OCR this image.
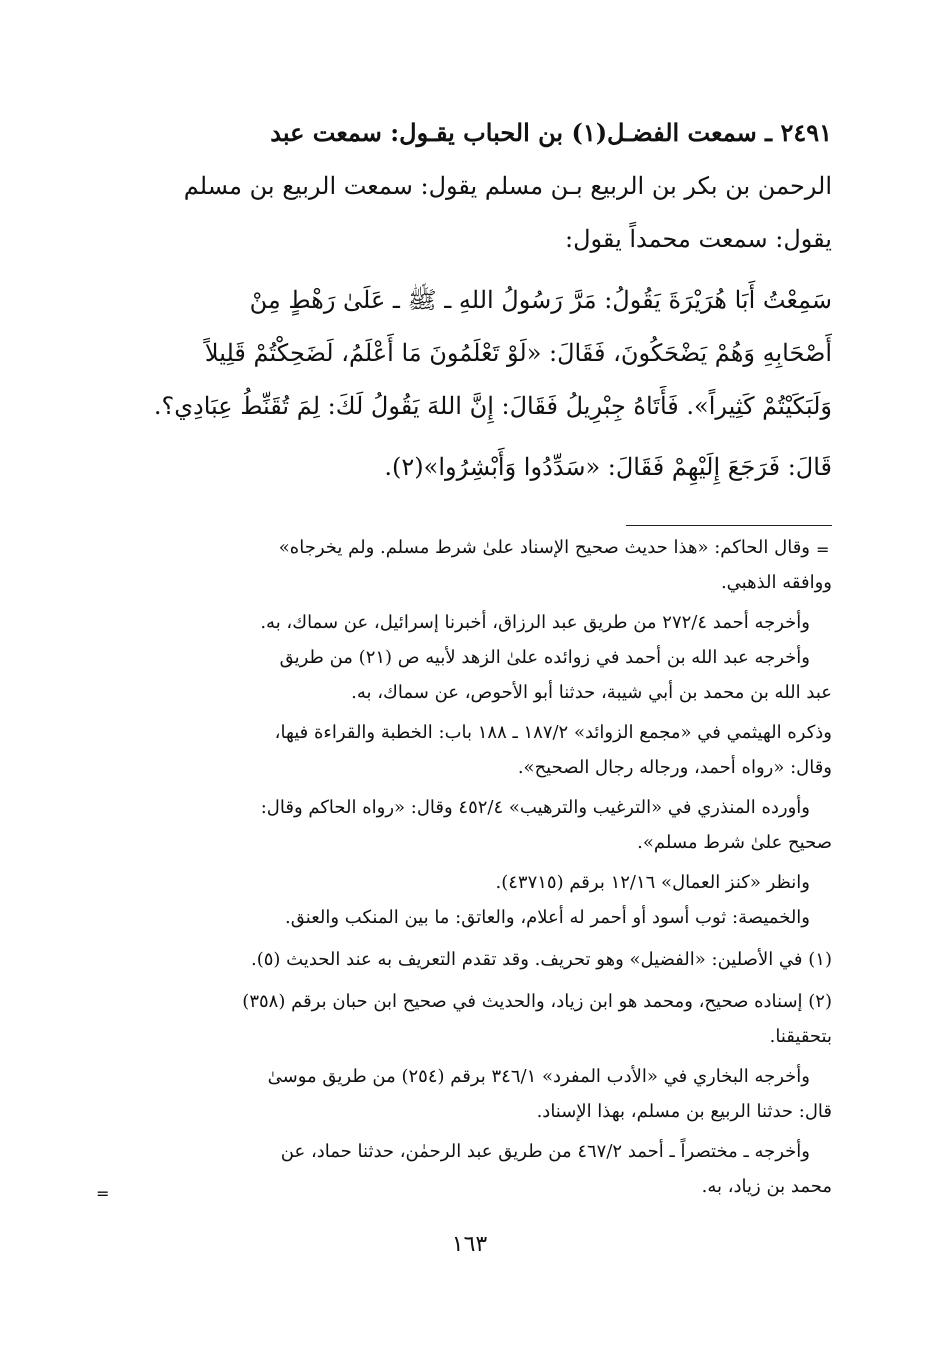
٢٤٩١ ـ سمعت الفضـل(١) بن الحباب يقـول: سمعت عبد
الرحمن بن بكر بن الربيع بـن مسلم يقول: سمعت الربيع بن مسلم
يقول: سمعت محمداً يقول:
سَمِعْتُ أَبَا هُرَيْرَةَ يَقُولُ: مَرَّ رَسُولُ اللهِ ـ ﷺ ـ عَلَىٰ رَهْطٍ مِنْ
أَصْحَابِهِ وَهُمْ يَضْحَكُونَ، فَقَالَ: «لَوْ تَعْلَمُونَ مَا أَعْلَمُ، لَضَحِكْتُمْ قَلِيلاً
وَلَبَكَيْتُمْ كَثِيراً». فَأَتَاهُ جِبْرِيلُ فَقَالَ: إِنَّ اللهَ يَقُولُ لَكَ: لِمَ تُقَنِّطُ عِبَادِي؟.
قَالَ: فَرَجَعَ إِلَيْهِمْ فَقَالَ: «سَدِّدُوا وَأَبْشِرُوا»(٢).
=
=
وقال الحاكم: «هذا حديث صحيح الإسناد علىٰ شرط مسلم. ولم يخرجاه»
ووافقه الذهبي.
وأخرجه أحمد ٢٧٢/٤ من طريق عبد الرزاق، أخبرنا إسرائيل، عن سماك، به.
وأخرجه عبد الله بن أحمد في زوائده علىٰ الزهد لأبيه ص (٢١) من طريق
عبد الله بن محمد بن أبي شيبة، حدثنا أبو الأحوص، عن سماك، به.
وذكره الهيثمي في «مجمع الزوائد» ١٨٧/٢ ـ ١٨٨ باب: الخطبة والقراءة فيها،
وقال: «رواه أحمد، ورجاله رجال الصحيح».
وأورده المنذري في «الترغيب والترهيب» ٤٥٢/٤ وقال: «رواه الحاكم وقال:
صحيح علىٰ شرط مسلم».
وانظر «كنز العمال» ١٢/١٦ برقم (٤٣٧١٥).
والخميصة: ثوب أسود أو أحمر له أعلام، والعاتق: ما بين المنكب والعنق.
(١) في الأصلين: «الفضيل» وهو تحريف. وقد تقدم التعريف به عند الحديث (٥).
(٢) إسناده صحيح، ومحمد هو ابن زياد، والحديث في صحيح ابن حبان برقم (٣٥٨)
بتحقيقنا.
وأخرجه البخاري في «الأدب المفرد» ٣٤٦/١ برقم (٢٥٤) من طريق موسىٰ
قال: حدثنا الربيع بن مسلم، بهذا الإسناد.
وأخرجه ـ مختصراً ـ أحمد ٤٦٧/٢ من طريق عبد الرحمٰن، حدثنا حماد، عن
محمد بن زياد، به.
١٦٣
